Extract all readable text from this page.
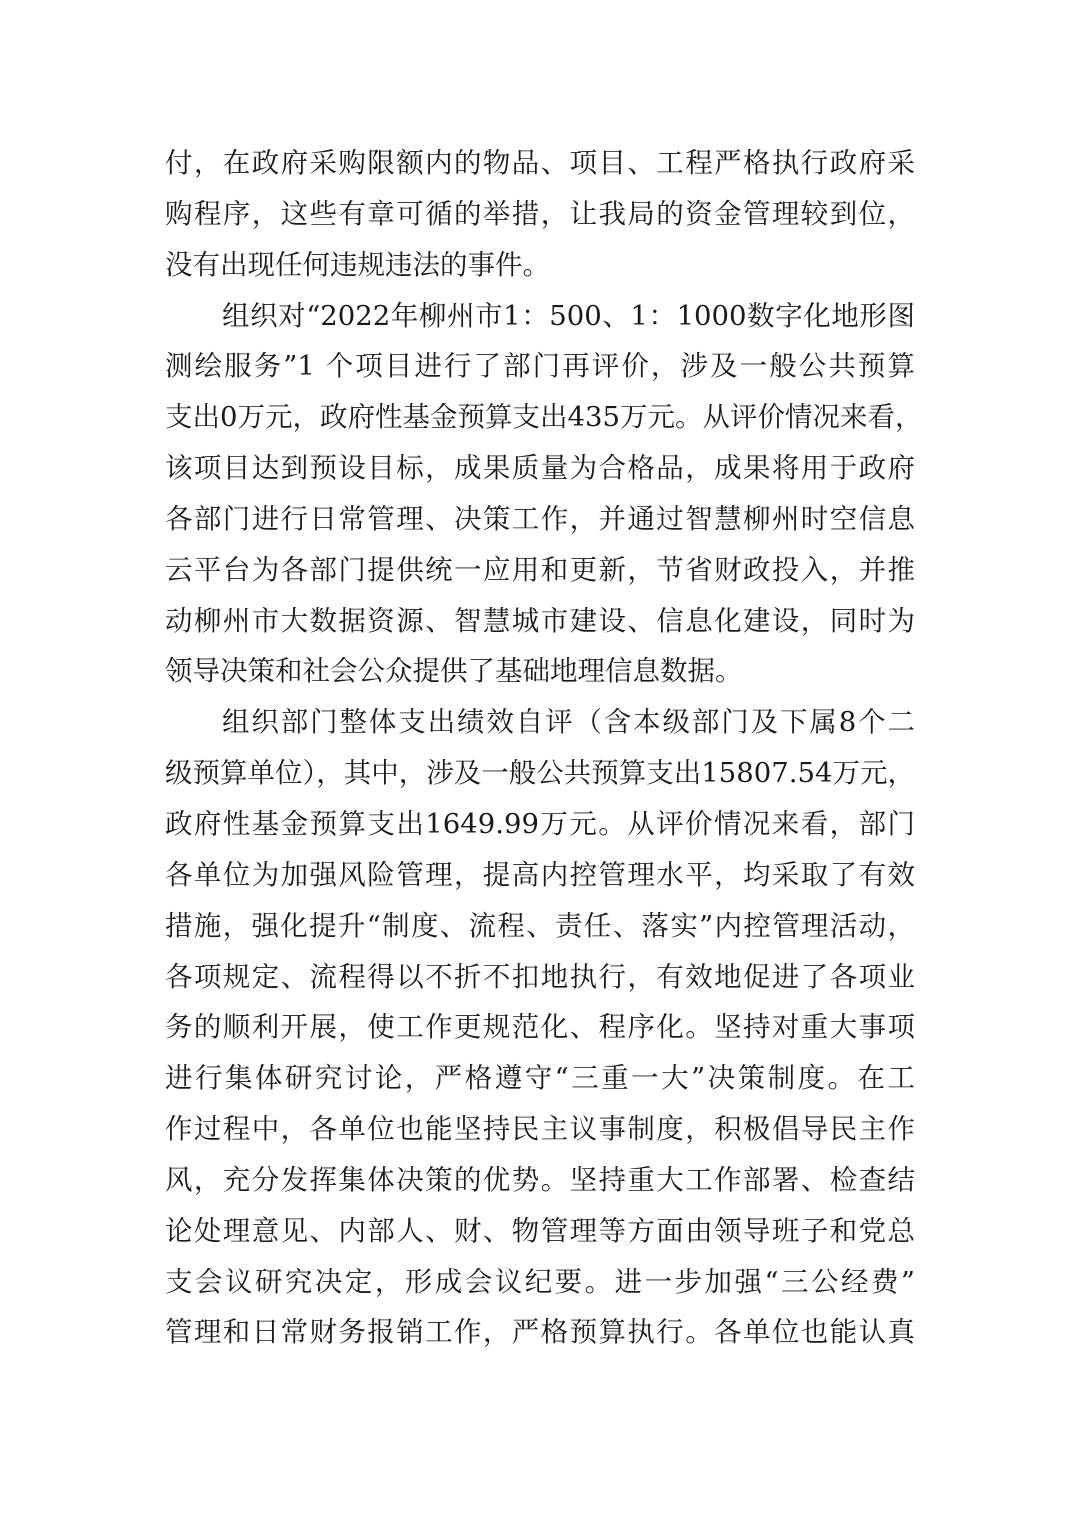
付，在政府采购限额内的物品、项目、工程严格执行政府采
购程序，这些有章可循的举措，让我局的资金管理较到位，
没有出现任何违规违法的事件。
组织对“2022年柳州市1：500、1：1000数字化地形图
测绘服务”1 个项目进行了部门再评价，涉及一般公共预算
支出0万元，政府性基金预算支出435万元。从评价情况来看，
该项目达到预设目标，成果质量为合格品，成果将用于政府
各部门进行日常管理、决策工作，并通过智慧柳州时空信息
云平台为各部门提供统一应用和更新，节省财政投入，并推
动柳州市大数据资源、智慧城市建设、信息化建设，同时为
领导决策和社会公众提供了基础地理信息数据。
组织部门整体支出绩效自评（含本级部门及下属8个二
级预算单位），其中，涉及一般公共预算支出15807.54万元，
政府性基金预算支出1649.99万元。从评价情况来看，部门
各单位为加强风险管理，提高内控管理水平，均采取了有效
措施，强化提升“制度、流程、责任、落实”内控管理活动，
各项规定、流程得以不折不扣地执行，有效地促进了各项业
务的顺利开展，使工作更规范化、程序化。坚持对重大事项
进行集体研究讨论，严格遵守“三重一大”决策制度。在工
作过程中，各单位也能坚持民主议事制度，积极倡导民主作
风，充分发挥集体决策的优势。坚持重大工作部署、检查结
论处理意见、内部人、财、物管理等方面由领导班子和党总
支会议研究决定，形成会议纪要。进一步加强“三公经费”
管理和日常财务报销工作，严格预算执行。各单位也能认真
